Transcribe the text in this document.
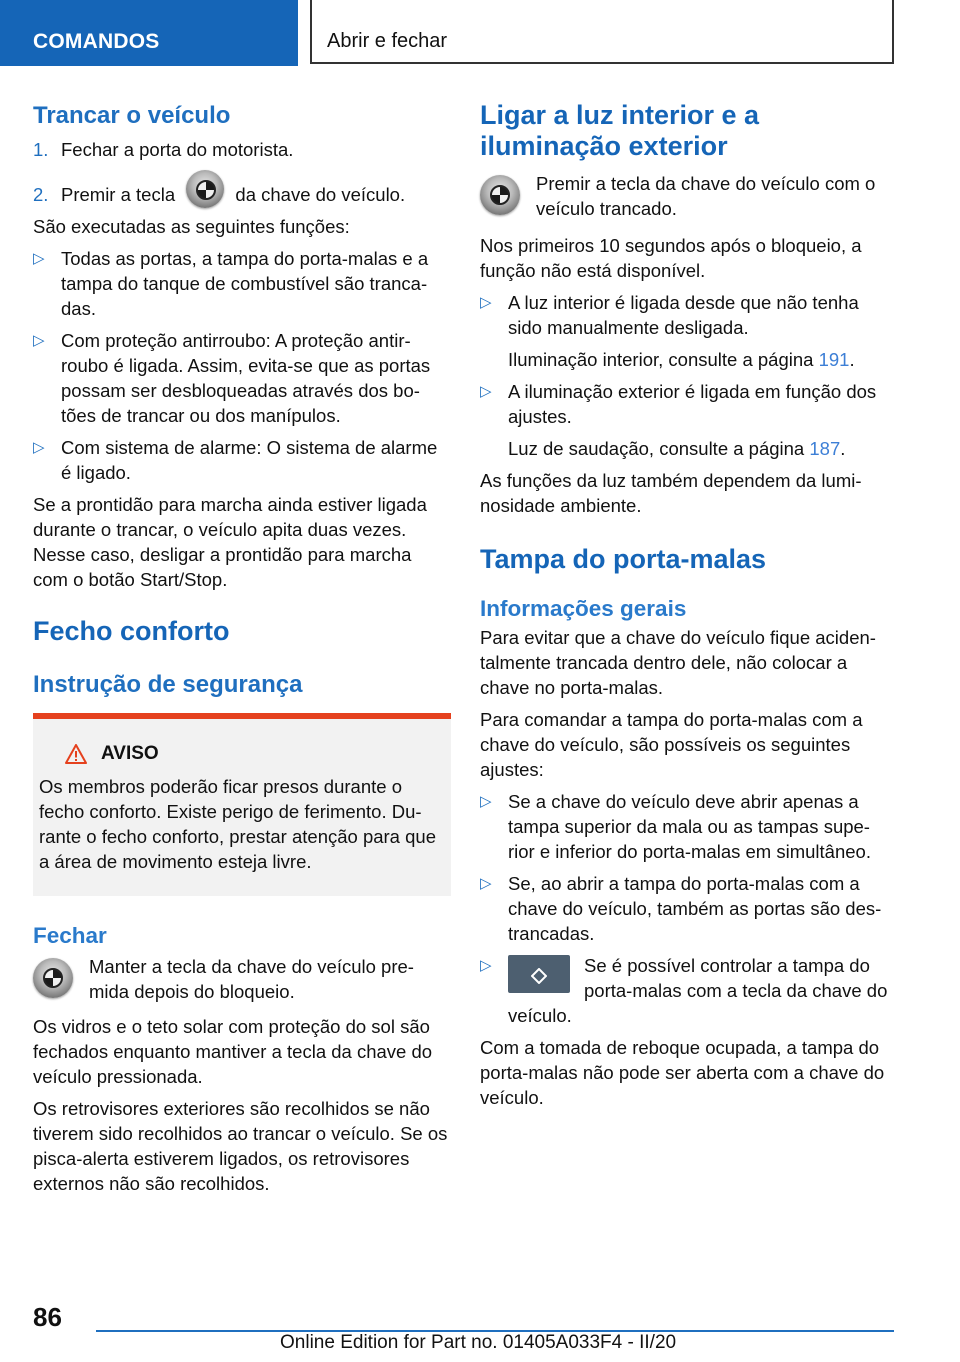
COMANDOS	Abrir e fechar
Trancar o veículo
1. Fechar a porta do motorista.
2. Premir a tecla	da chave do veículo.

São executadas as seguintes funções:

▷ Todas as portas, a tampa do porta-malas e a tampa do tanque de combustível são tranca-das.
▷ Com proteção antirroubo: A proteção antir-roubo é ligada. Assim, evita-se que as portas possam ser desbloqueadas através dos bo-tões de trancar ou dos manípulos.
▷ Com sistema de alarme: O sistema de alarme é ligado.

Se a prontidão para marcha ainda estiver ligada durante o trancar, o veículo apita duas vezes. Nesse caso, desligar a prontidão para marcha com o botão Start/Stop.

Fecho conforto
Instrução de segurança
AVISO

Os membros poderão ficar presos durante o fecho conforto. Existe perigo de ferimento. Du-rante o fecho conforto, prestar atenção para que a área de movimento esteja livre.

Fechar

Manter a tecla da chave do veículo pre-mida depois do bloqueio.

Os vidros e o teto solar com proteção do sol são fechados enquanto mantiver a tecla da chave do veículo pressionada.

Os retrovisores exteriores são recolhidos se não tiverem sido recolhidos ao trancar o veículo. Se os pisca-alerta estiverem ligados, os retrovisores externos não são recolhidos.

Ligar a luz interior e a iluminação exterior

Premir a tecla da chave do veículo com o veículo trancado.

Nos primeiros 10 segundos após o bloqueio, a função não está disponível.

▷ A luz interior é ligada desde que não tenha sido manualmente desligada.
Iluminação interior, consulte a página 191.
▷ A iluminação exterior é ligada em função dos ajustes.
Luz de saudação, consulte a página 187.

As funções da luz também dependem da lumi-nosidade ambiente.

Tampa do porta-malas
Informações gerais

Para evitar que a chave do veículo fique aciden-talmente trancada dentro dele, não colocar a chave no porta-malas.

Para comandar a tampa do porta-malas com a chave do veículo, são possíveis os seguintes ajustes:

▷ Se a chave do veículo deve abrir apenas a tampa superior da mala ou as tampas supe-rior e inferior do porta-malas em simultâneo.
▷ Se, ao abrir a tampa do porta-malas com a chave do veículo, também as portas são des-trancadas.
▷	Se é possível controlar a tampa do porta-malas com a tecla da chave do
veículo.

Com a tomada de reboque ocupada, a tampa do porta-malas não pode ser aberta com a chave do veículo.

86
Online Edition for Part no. 01405A033F4 - II/20
